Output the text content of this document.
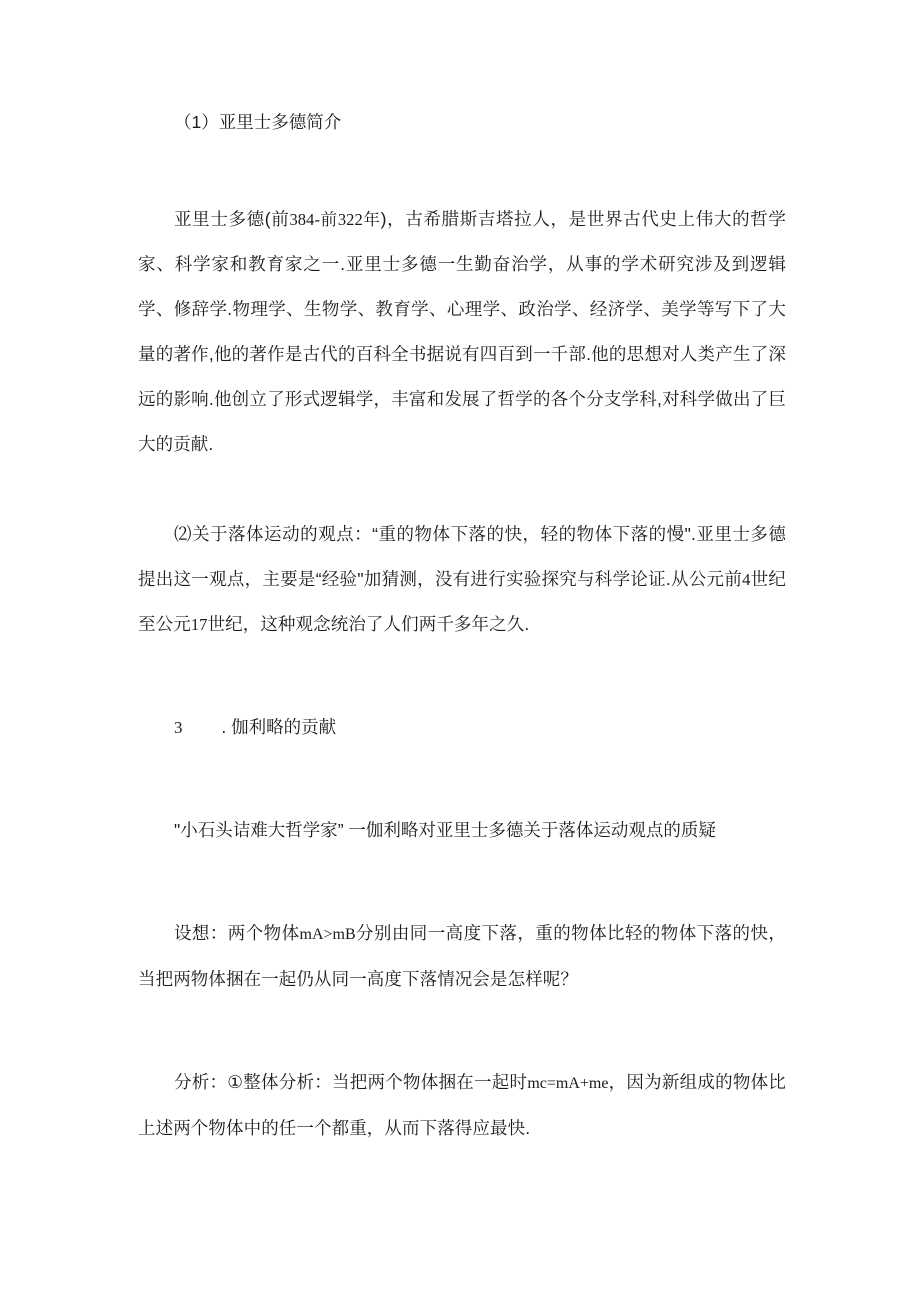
（1）亚里士多德简介

亚里士多德(前384-前322年)，古希腊斯吉塔拉人，是世界古代史上伟大的哲学家、科学家和教育家之一.亚里士多德一生勤奋治学，从事的学术研究涉及到逻辑学、修辞学.物理学、生物学、教育学、心理学、政治学、经济学、美学等写下了大量的著作,他的著作是古代的百科全书据说有四百到一千部.他的思想对人类产生了深远的影响.他创立了形式逻辑学，丰富和发展了哲学的各个分支学科,对科学做出了巨大的贡献.

⑵关于落体运动的观点：“重的物体下落的快，轻的物体下落的慢".亚里士多德提出这一观点，主要是“经验"加猜测，没有进行实验探究与科学论证.从公元前4世纪至公元17世纪，这种观念统治了人们两千多年之久.

3 . 伽利略的贡献
"小石头诘难大哲学家” 一伽利略对亚里士多德关于落体运动观点的质疑

设想：两个物体mA>mB分别由同一高度下落，重的物体比轻的物体下落的快，当把两物体捆在一起仍从同一高度下落情况会是怎样呢？

分析：①整体分析：当把两个物体捆在一起时mc=mA+me，因为新组成的物体比上述两个物体中的任一个都重，从而下落得应最快.
